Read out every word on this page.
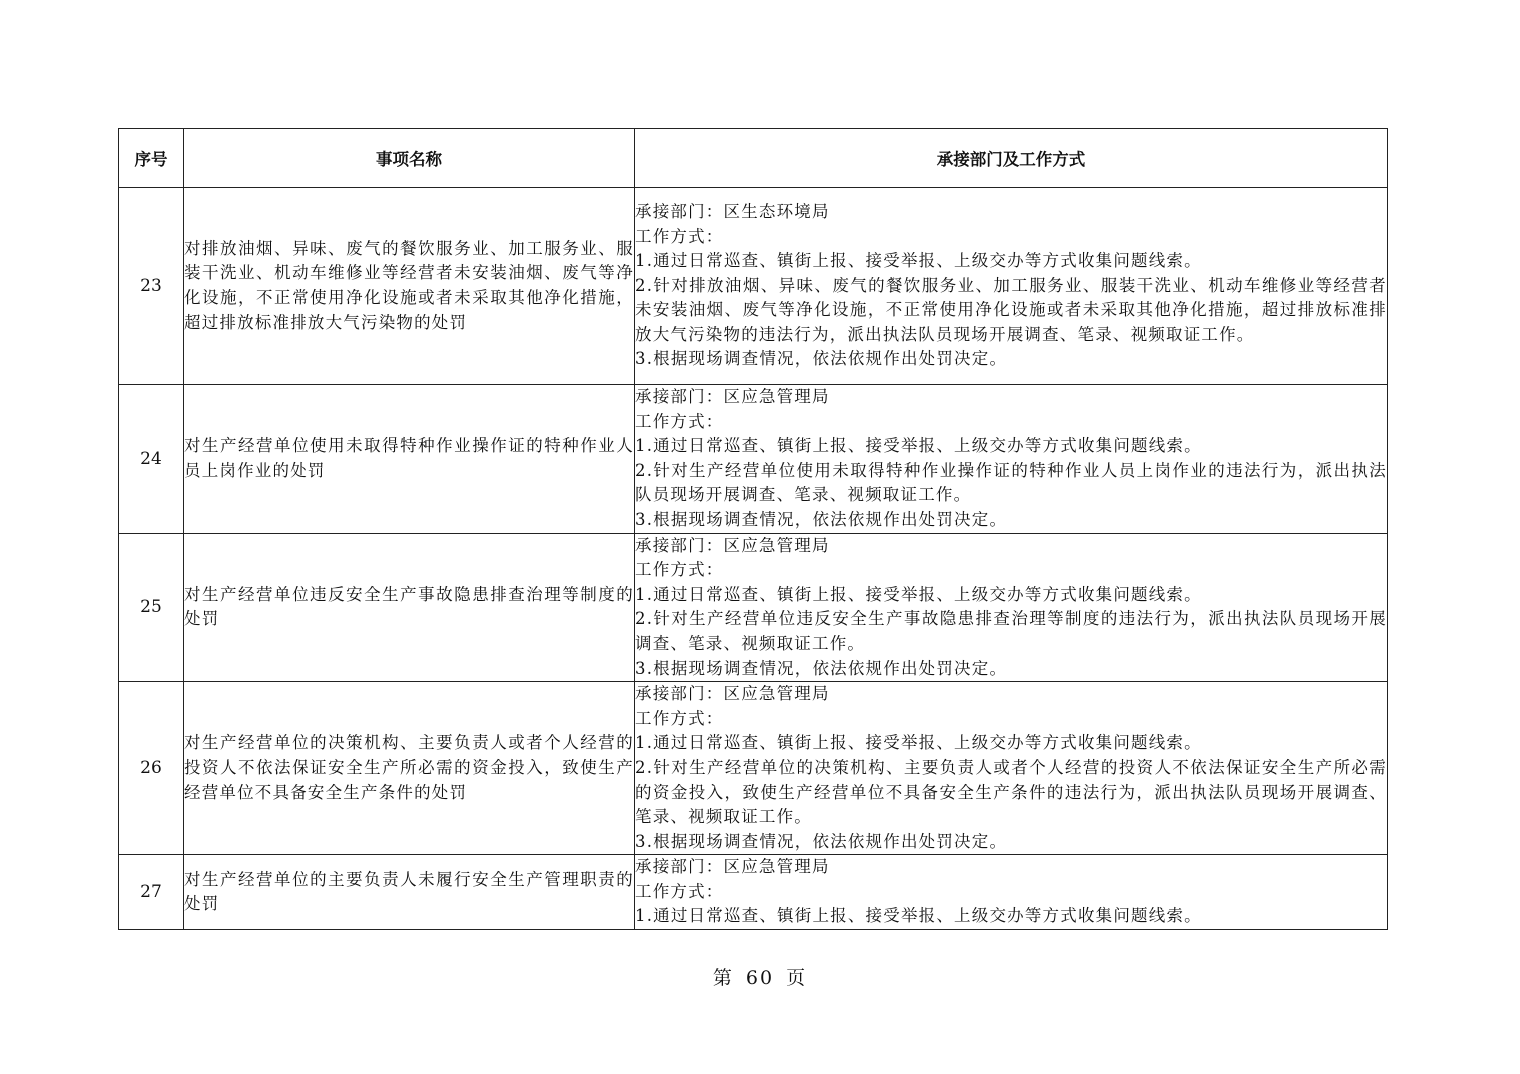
序号	事项名称	承接部门及工作方式
23	对排放油烟、异味、废气的餐饮服务业、加工服务业、服装干洗业、机动车维修业等经营者未安装油烟、废气等净化设施，不正常使用净化设施或者未采取其他净化措施，超过排放标准排放大气污染物的处罚	承接部门：区生态环境局
工作方式：
1.通过日常巡查、镇街上报、接受举报、上级交办等方式收集问题线索。
2.针对排放油烟、异味、废气的餐饮服务业、加工服务业、服装干洗业、机动车维修业等经营者未安装油烟、废气等净化设施，不正常使用净化设施或者未采取其他净化措施，超过排放标准排放大气污染物的违法行为，派出执法队员现场开展调查、笔录、视频取证工作。
3.根据现场调查情况，依法依规作出处罚决定。

24	对生产经营单位使用未取得特种作业操作证的特种作业人员上岗作业的处罚	承接部门：区应急管理局
工作方式：
1.通过日常巡查、镇街上报、接受举报、上级交办等方式收集问题线索。
2.针对生产经营单位使用未取得特种作业操作证的特种作业人员上岗作业的违法行为，派出执法队员现场开展调查、笔录、视频取证工作。
3.根据现场调查情况，依法依规作出处罚决定。

25	对生产经营单位违反安全生产事故隐患排查治理等制度的处罚	承接部门：区应急管理局
工作方式：
1.通过日常巡查、镇街上报、接受举报、上级交办等方式收集问题线索。
2.针对生产经营单位违反安全生产事故隐患排查治理等制度的违法行为，派出执法队员现场开展调查、笔录、视频取证工作。
3.根据现场调查情况，依法依规作出处罚决定。

26	对生产经营单位的决策机构、主要负责人或者个人经营的投资人不依法保证安全生产所必需的资金投入，致使生产经营单位不具备安全生产条件的处罚	承接部门：区应急管理局
工作方式：
1.通过日常巡查、镇街上报、接受举报、上级交办等方式收集问题线索。
2.针对生产经营单位的决策机构、主要负责人或者个人经营的投资人不依法保证安全生产所必需的资金投入，致使生产经营单位不具备安全生产条件的违法行为，派出执法队员现场开展调查、笔录、视频取证工作。
3.根据现场调查情况，依法依规作出处罚决定。

27	对生产经营单位的主要负责人未履行安全生产管理职责的处罚	承接部门：区应急管理局
工作方式：
1.通过日常巡查、镇街上报、接受举报、上级交办等方式收集问题线索。
第 60 页
